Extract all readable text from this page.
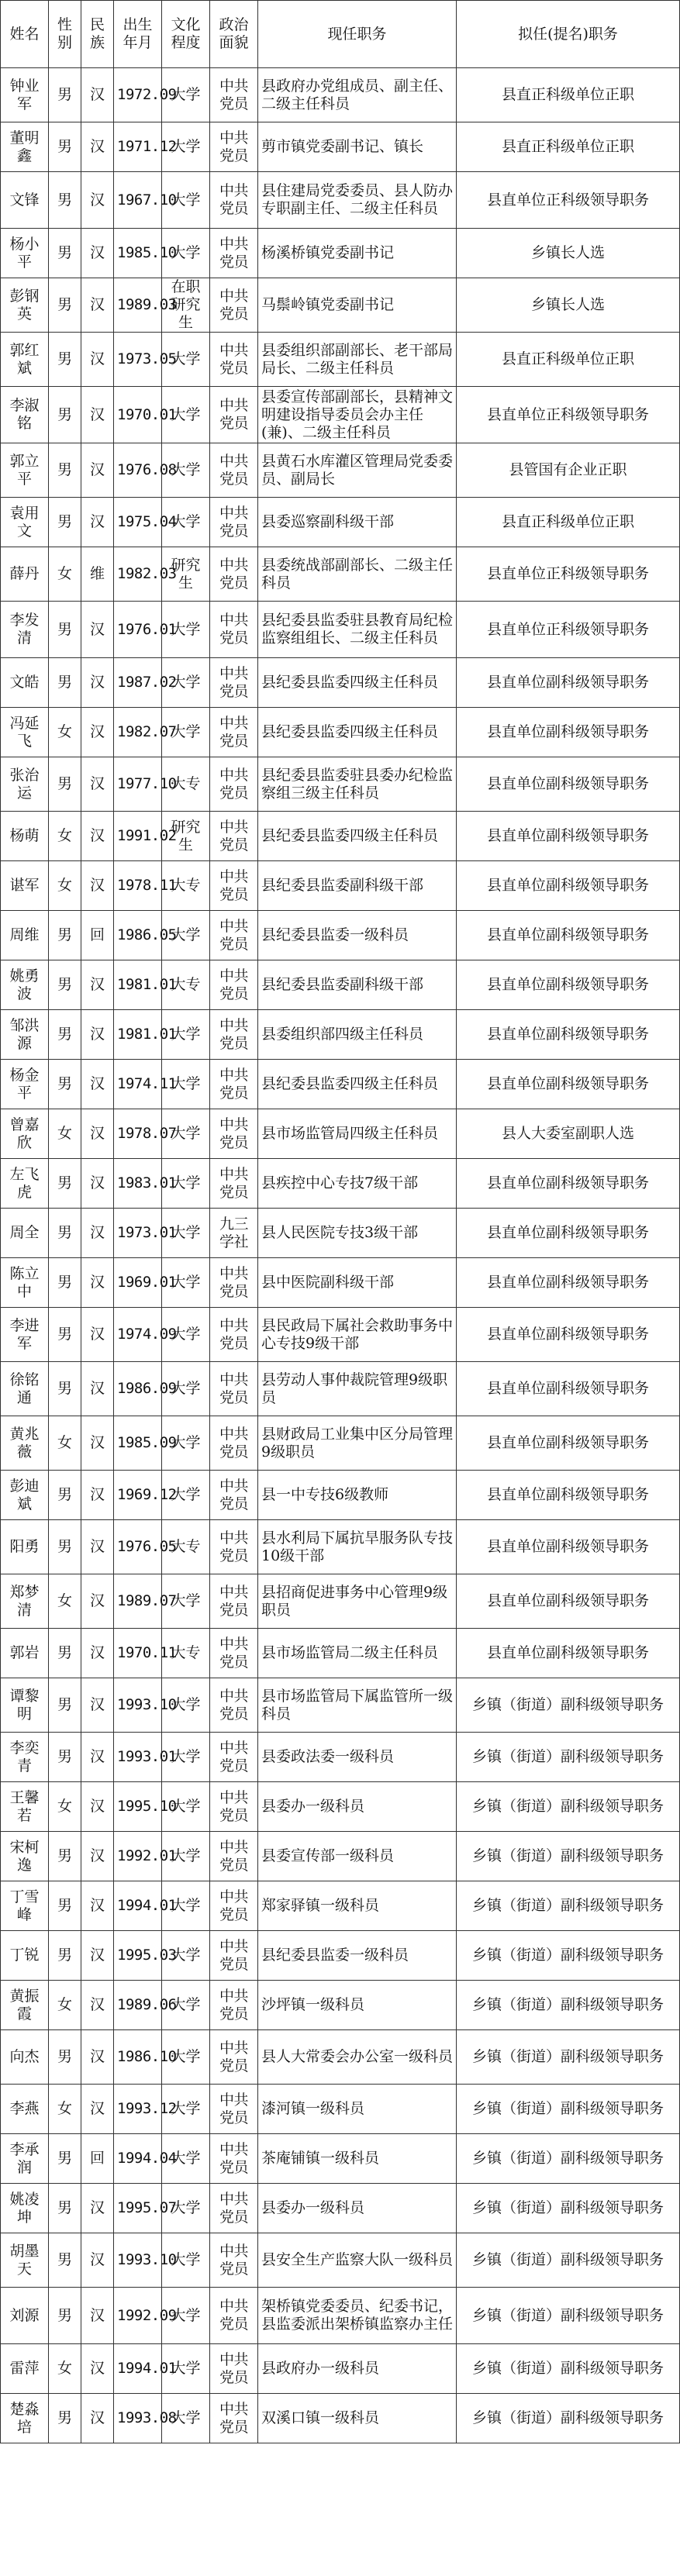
姓名	性别	民族	出生年月	文化程度	政治面貌	现任职务	拟任(提名)职务
钟业军	男	汉	1972.09	大学	中共党员	县政府办党组成员、副主任、二级主任科员	县直正科级单位正职
董明鑫	男	汉	1971.12	大学	中共党员	剪市镇党委副书记、镇长	县直正科级单位正职
文锋	男	汉	1967.10	大学	中共党员	县住建局党委委员、县人防办专职副主任、二级主任科员	县直单位正科级领导职务
杨小平	男	汉	1985.10	大学	中共党员	杨溪桥镇党委副书记	乡镇长人选
彭钢英	男	汉	1989.03	在职研究生	中共党员	马鬃岭镇党委副书记	乡镇长人选
郭红斌	男	汉	1973.05	大学	中共党员	县委组织部副部长、老干部局局长、二级主任科员	县直正科级单位正职
李淑铭	男	汉	1970.01	大学	中共党员	县委宣传部副部长，县精神文明建设指导委员会办主任(兼)、二级主任科员	县直单位正科级领导职务
郭立平	男	汉	1976.08	大学	中共党员	县黄石水库灌区管理局党委委员、副局长	县管国有企业正职
袁用文	男	汉	1975.04	大学	中共党员	县委巡察副科级干部	县直正科级单位正职
薛丹	女	维	1982.03	研究生	中共党员	县委统战部副部长、二级主任科员	县直单位正科级领导职务
李发清	男	汉	1976.01	大学	中共党员	县纪委县监委驻县教育局纪检监察组组长、二级主任科员	县直单位正科级领导职务
文皓	男	汉	1987.02	大学	中共党员	县纪委县监委四级主任科员	县直单位副科级领导职务
冯延飞	女	汉	1982.07	大学	中共党员	县纪委县监委四级主任科员	县直单位副科级领导职务
张治运	男	汉	1977.10	大专	中共党员	县纪委县监委驻县委办纪检监察组三级主任科员	县直单位副科级领导职务
杨萌	女	汉	1991.02	研究生	中共党员	县纪委县监委四级主任科员	县直单位副科级领导职务
谌军	女	汉	1978.11	大专	中共党员	县纪委县监委副科级干部	县直单位副科级领导职务
周维	男	回	1986.05	大学	中共党员	县纪委县监委一级科员	县直单位副科级领导职务
姚勇波	男	汉	1981.01	大专	中共党员	县纪委县监委副科级干部	县直单位副科级领导职务
邹洪源	男	汉	1981.01	大学	中共党员	县委组织部四级主任科员	县直单位副科级领导职务
杨金平	男	汉	1974.11	大学	中共党员	县纪委县监委四级主任科员	县直单位副科级领导职务
曾嘉欣	女	汉	1978.07	大学	中共党员	县市场监管局四级主任科员	县人大委室副职人选
左飞虎	男	汉	1983.01	大学	中共党员	县疾控中心专技7级干部	县直单位副科级领导职务
周全	男	汉	1973.01	大学	九三学社	县人民医院专技3级干部	县直单位副科级领导职务
陈立中	男	汉	1969.01	大学	中共党员	县中医院副科级干部	县直单位副科级领导职务
李进军	男	汉	1974.09	大学	中共党员	县民政局下属社会救助事务中心专技9级干部	县直单位副科级领导职务
徐铭通	男	汉	1986.09	大学	中共党员	县劳动人事仲裁院管理9级职员	县直单位副科级领导职务
黄兆薇	女	汉	1985.09	大学	中共党员	县财政局工业集中区分局管理9级职员	县直单位副科级领导职务
彭迪斌	男	汉	1969.12	大学	中共党员	县一中专技6级教师	县直单位副科级领导职务
阳勇	男	汉	1976.05	大专	中共党员	县水利局下属抗旱服务队专技10级干部	县直单位副科级领导职务
郑梦清	女	汉	1989.07	大学	中共党员	县招商促进事务中心管理9级职员	县直单位副科级领导职务
郭岩	男	汉	1970.11	大专	中共党员	县市场监管局二级主任科员	县直单位副科级领导职务
谭黎明	男	汉	1993.10	大学	中共党员	县市场监管局下属监管所一级科员	乡镇（街道）副科级领导职务
李奕青	男	汉	1993.01	大学	中共党员	县委政法委一级科员	乡镇（街道）副科级领导职务
王馨若	女	汉	1995.10	大学	中共党员	县委办一级科员	乡镇（街道）副科级领导职务
宋柯逸	男	汉	1992.01	大学	中共党员	县委宣传部一级科员	乡镇（街道）副科级领导职务
丁雪峰	男	汉	1994.01	大学	中共党员	郑家驿镇一级科员	乡镇（街道）副科级领导职务
丁锐	男	汉	1995.03	大学	中共党员	县纪委县监委一级科员	乡镇（街道）副科级领导职务
黄振霞	女	汉	1989.06	大学	中共党员	沙坪镇一级科员	乡镇（街道）副科级领导职务
向杰	男	汉	1986.10	大学	中共党员	县人大常委会办公室一级科员	乡镇（街道）副科级领导职务
李燕	女	汉	1993.12	大学	中共党员	漆河镇一级科员	乡镇（街道）副科级领导职务
李承润	男	回	1994.04	大学	中共党员	茶庵铺镇一级科员	乡镇（街道）副科级领导职务
姚凌坤	男	汉	1995.07	大学	中共党员	县委办一级科员	乡镇（街道）副科级领导职务
胡墨天	男	汉	1993.10	大学	中共党员	县安全生产监察大队一级科员	乡镇（街道）副科级领导职务
刘源	男	汉	1992.09	大学	中共党员	架桥镇党委委员、纪委书记，县监委派出架桥镇监察办主任	乡镇（街道）副科级领导职务
雷萍	女	汉	1994.01	大学	中共党员	县政府办一级科员	乡镇（街道）副科级领导职务
楚淼培	男	汉	1993.08	大学	中共党员	双溪口镇一级科员	乡镇（街道）副科级领导职务
